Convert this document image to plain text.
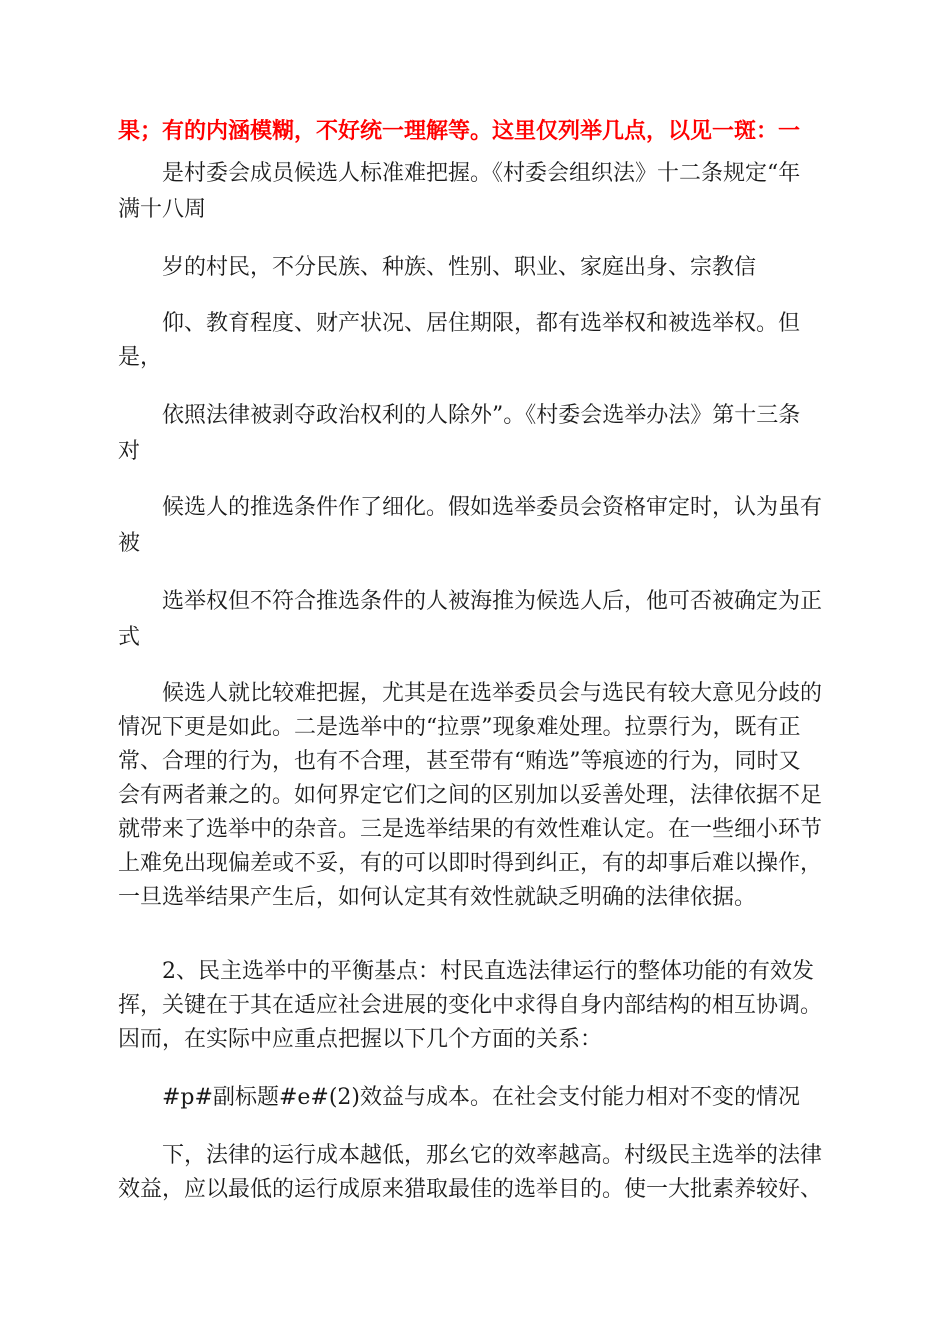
果；有的内涵模糊，不好统一理解等。这里仅列举几点，以见一斑：一

是村委会成员候选人标准难把握。《村委会组织法》十二条规定“年

满十八周

岁的村民，不分民族、种族、性别、职业、家庭出身、宗教信

仰、教育程度、财产状况、居住期限，都有选举权和被选举权。但

是，

依照法律被剥夺政治权利的人除外”。《村委会选举办法》第十三条

对

候选人的推选条件作了细化。假如选举委员会资格审定时，认为虽有

被

选举权但不符合推选条件的人被海推为候选人后，他可否被确定为正

式

候选人就比较难把握，尤其是在选举委员会与选民有较大意见分歧的

情况下更是如此。二是选举中的“拉票”现象难处理。拉票行为，既有正

常、合理的行为，也有不合理，甚至带有“贿选”等痕迹的行为，同时又

会有两者兼之的。如何界定它们之间的区别加以妥善处理，法律依据不足

就带来了选举中的杂音。三是选举结果的有效性难认定。在一些细小环节

上难免出现偏差或不妥，有的可以即时得到纠正，有的却事后难以操作，

一旦选举结果产生后，如何认定其有效性就缺乏明确的法律依据。

2、民主选举中的平衡基点：村民直选法律运行的整体功能的有效发

挥，关键在于其在适应社会进展的变化中求得自身内部结构的相互协调。

因而，在实际中应重点把握以下几个方面的关系：

#p#副标题#e#(2)效益与成本。在社会支付能力相对不变的情况

下，法律的运行成本越低，那幺它的效率越高。村级民主选举的法律

效益，应以最低的运行成原来猎取最佳的选举目的。使一大批素养较好、
